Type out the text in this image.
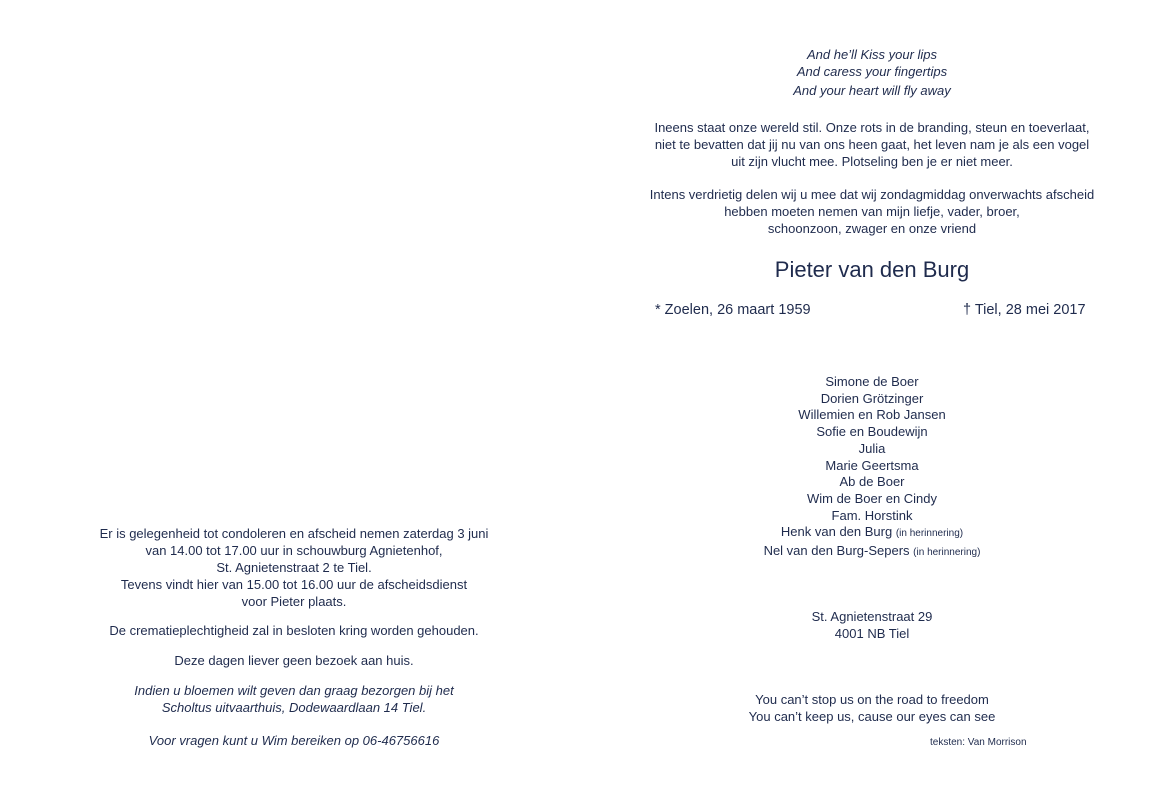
And he’ll Kiss your lips
And caress your fingertips
And your heart will fly away
Ineens staat onze wereld stil. Onze rots in de branding, steun en toeverlaat,
niet te bevatten dat jij nu van ons heen gaat, het leven nam je als een vogel
uit zijn vlucht mee. Plotseling ben je er niet meer.
Intens verdrietig delen wij u mee dat wij zondagmiddag onverwachts afscheid
hebben moeten nemen van mijn liefje, vader, broer,
schoonzoon, zwager en onze vriend
Pieter van den Burg
* Zoelen, 26 maart 1959	† Tiel, 28 mei 2017
Simone de Boer
Dorien Grötzinger
Willemien en Rob Jansen
Sofie en Boudewijn
Julia
Marie Geertsma
Ab de Boer
Wim de Boer en Cindy
Fam. Horstink
Henk van den Burg (in herinnering)
Nel van den Burg-Sepers (in herinnering)
St. Agnietenstraat 29
4001 NB Tiel
You can’t stop us on the road to freedom
You can’t keep us, cause our eyes can see
teksten: Van Morrison
Er is gelegenheid tot condoleren en afscheid nemen zaterdag 3 juni
van 14.00 tot 17.00 uur in schouwburg Agnietenhof,
St. Agnietenstraat 2 te Tiel.
Tevens vindt hier van 15.00 tot 16.00 uur de afscheidsdienst
voor Pieter plaats.
De crematieplechtigheid zal in besloten kring worden gehouden.
Deze dagen liever geen bezoek aan huis.
Indien u bloemen wilt geven dan graag bezorgen bij het
Scholtus uitvaarthuis, Dodewaardlaan 14 Tiel.
Voor vragen kunt u Wim bereiken op 06-46756616
